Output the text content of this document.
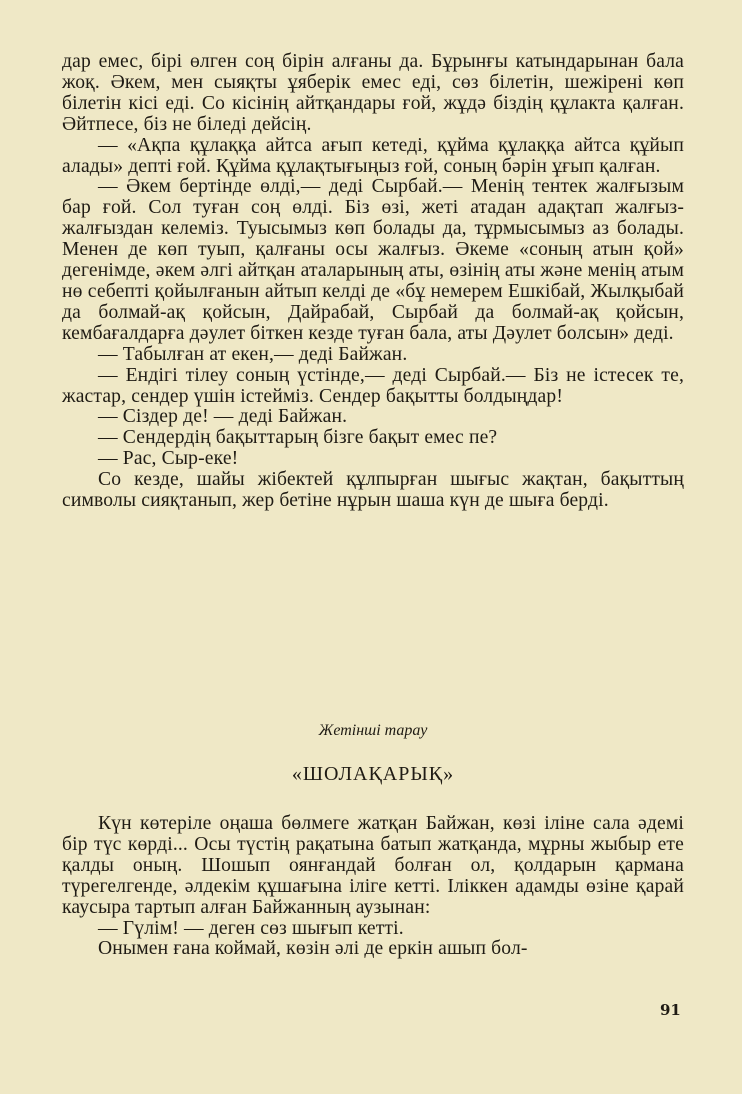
дар емес, бірі өлген соң бірін алғаны да. Бұрынғы катындарынан бала жоқ. Әкем, мен сыяқты ұяберік емес еді, сөз білетін, шежірені көп білетін кісі еді. Со кісінің айтқандары ғой, жұдә біздің құлакта қалған. Әйтпесе, біз не біледі дейсің.

— «Ақпа құлаққа айтса ағып кетеді, құйма құлаққа айтса құйып алады» депті ғой. Құйма құлақтығыңыз ғой, соның бәрін ұғып қалған.

— Әкем бертінде өлді,— деді Сырбай.— Менің тентек жалғызым бар ғой. Сол туған соң өлді. Біз өзі, жеті атадан адақтап жалғыз-жалғыздан келеміз. Туысымыз көп болады да, тұрмысымыз аз болады. Менен де көп туып, қалғаны осы жалғыз. Әкеме «соның атын қой» дегенімде, әкем әлгі айтқан аталарының аты, өзінің аты және менің атым нө себепті қойылғанын айтып келді де «бұ немерем Ешкібай, Жылқыбай да болмай-ақ қойсын, Дайрабай, Сырбай да болмай-ақ қойсын, кембағалдарға дәулет біткен кезде туған бала, аты Дәулет болсын» деді.

— Табылған ат екен,— деді Байжан.

— Ендігі тілеу соның үстінде,— деді Сырбай.— Біз не істесек те, жастар, сендер үшін істейміз. Сендер бақытты болдыңдар!

— Сіздер де! — деді Байжан.

— Сендердің бақыттарың бізге бақыт емес пе?

— Рас, Сыр-еке!

Со кезде, шайы жібектей құлпырған шығыс жақтан, бақыттың символы сияқтанып, жер бетіне нұрын шаша күн де шыға берді.

Жетінші тарау

«ШОЛАҚАРЫҚ»

Күн көтеріле оңаша бөлмеге жатқан Байжан, көзі іліне сала әдемі бір түс көрді... Осы түстің рақатына батып жатқанда, мұрны жыбыр ете қалды оның. Шошып оянғандай болған ол, қолдарын қармана түрегелгенде, әлдекім құшағына іліге кетті. Іліккен адамды өзіне қарай каусыра тартып алған Байжанның аузынан:

— Гүлім! — деген сөз шығып кетті.

Онымен ғана коймай, көзін әлі де еркін ашып бол-

91
